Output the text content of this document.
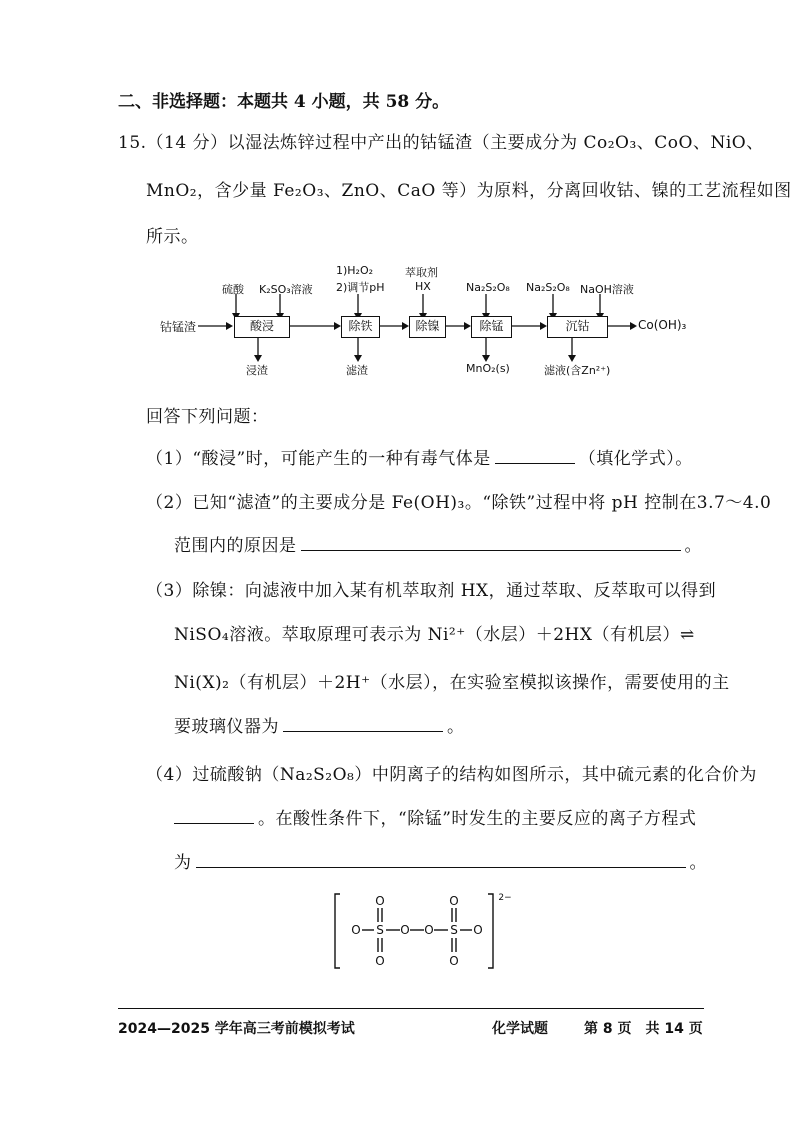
二、非选择题：本题共 4 小题，共 58 分。
15.（14 分）以湿法炼锌过程中产出的钴锰渣（主要成分为 Co₂O₃、CoO、NiO、
MnO₂，含少量 Fe₂O₃、ZnO、CaO 等）为原料，分离回收钴、镍的工艺流程如图
所示。
钴锰渣	Co(OH)₃
酸浸	除铁	除镍	除锰	沉钴
硫酸 K₂SO₃溶液
1)H₂O₂
2)调节pH
萃取剂
HX	Na₂S₂O₈ Na₂S₂O₈ NaOH溶液
浸渣	滤渣	MnO₂(s)	滤液(含Zn²⁺)
回答下列问题：
（1）“酸浸”时，可能产生的一种有毒气体是	（填化学式）。
（2）已知“滤渣”的主要成分是 Fe(OH)₃。“除铁”过程中将 pH 控制在3.7～4.0
范围内的原因是	。
（3）除镍：向滤液中加入某有机萃取剂 HX，通过萃取、反萃取可以得到
NiSO₄溶液。萃取原理可表示为 Ni²⁺（水层）＋2HX（有机层）⇌
Ni(X)₂（有机层）＋2H⁺（水层），在实验室模拟该操作，需要使用的主
要玻璃仪器为	。
（4）过硫酸钠（Na₂S₂O₈）中阴离子的结构如图所示，其中硫元素的化合价为
。在酸性条件下，“除锰”时发生的主要反应的离子方程式
为	。
O S
O
O
O O S
O
O
O
2−
2024—2025 学年高三考前模拟考试	化学试题	第 8 页　共 14 页
